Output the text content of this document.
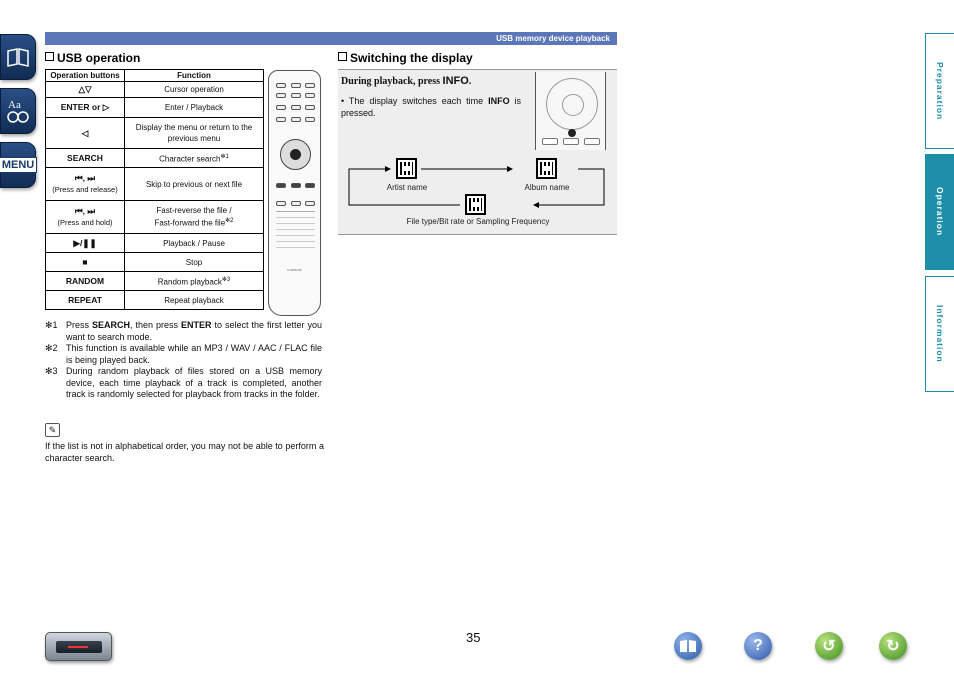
Aa
MENU
USB memory device playback
USB operation	Switching the display
Operation buttons	Function
△▽	Cursor operation
ENTER or ▷	Enter / Playback
◁	Display the menu or return to the previous menu
SEARCH	Character search$^{✻1}$
⏮, ⏭
(Press and release)	Skip to previous or next file
⏮, ⏭
(Press and hold)	Fast-reverse the file /
Fast-forward the file$^{✻2}$
▶/❚❚	Playback / Pause
■	Stop
RANDOM	Random playback$^{✻3}$
REPEAT	Repeat playback
marantz
✻1 Press SEARCH, then press ENTER to select the first letter you want to search mode.
✻2 This function is available while an MP3 / WAV / AAC / FLAC file is being played back.
✻3 During random playback of files stored on a USB memory device, each time playback of a track is completed, another track is randomly selected for playback from tracks in the folder.
✎
If the list is not in alphabetical order, you may not be able to perform a character search.
During playback, press INFO.
• The display switches each time INFO is pressed.
Artist name	Album name
File type/Bit rate or Sampling Frequency
Preparation
Operation
Information
35	?	↺	↻
